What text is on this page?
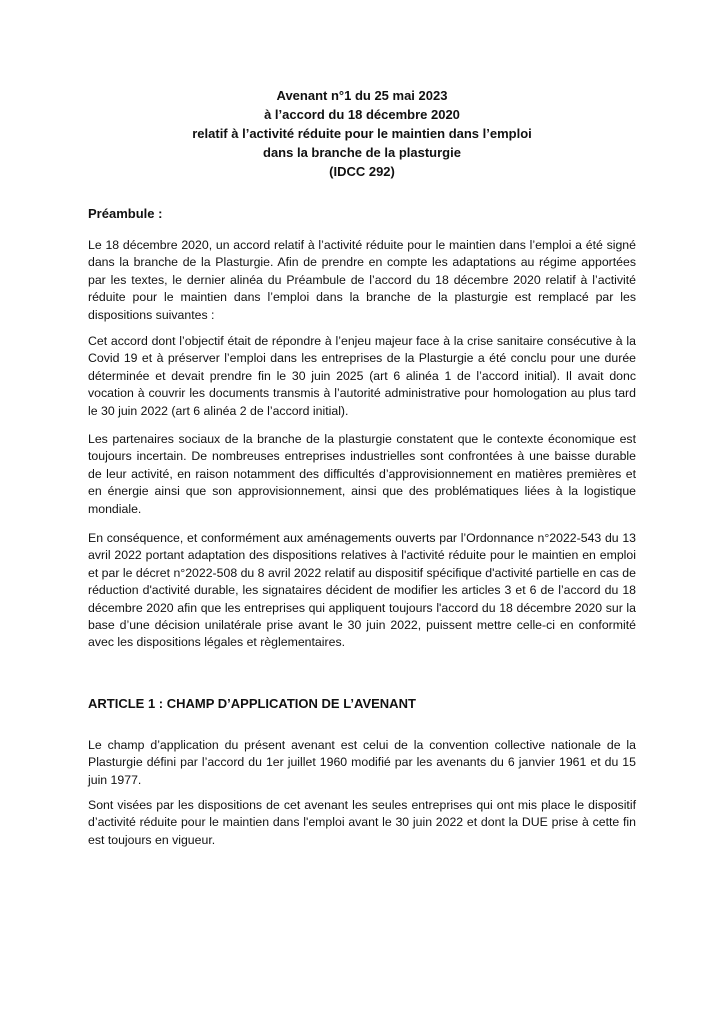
Avenant n°1 du 25 mai 2023
à l’accord du 18 décembre 2020
relatif à l’activité réduite pour le maintien dans l’emploi
dans la branche de la plasturgie
(IDCC 292)
Préambule :
Le 18 décembre 2020, un accord relatif à l’activité réduite pour le maintien dans l’emploi a été signé dans la branche de la Plasturgie. Afin de prendre en compte les adaptations au régime apportées par les textes, le dernier alinéa du Préambule de l’accord du 18 décembre 2020 relatif à l’activité réduite pour le maintien dans l’emploi dans la branche de la plasturgie est remplacé par les dispositions suivantes :
Cet accord dont l’objectif était de répondre à l’enjeu majeur face à la crise sanitaire consécutive à la Covid 19 et à préserver l’emploi dans les entreprises de la Plasturgie a été conclu pour une durée déterminée et devait prendre fin le 30 juin 2025 (art 6 alinéa 1 de l’accord initial). Il avait donc vocation à couvrir les documents transmis à l’autorité administrative pour homologation au plus tard le 30 juin 2022 (art 6 alinéa 2 de l’accord initial).
Les partenaires sociaux de la branche de la plasturgie constatent que le contexte économique est toujours incertain. De nombreuses entreprises industrielles sont confrontées à une baisse durable de leur activité, en raison notamment des difficultés d’approvisionnement en matières premières et en énergie ainsi que son approvisionnement, ainsi que des problématiques liées à la logistique mondiale.
En conséquence, et conformément aux aménagements ouverts par l’Ordonnance n°2022-543 du 13 avril 2022 portant adaptation des dispositions relatives à l'activité réduite pour le maintien en emploi et par le décret n°2022-508 du 8 avril 2022 relatif au dispositif spécifique d'activité partielle en cas de réduction d'activité durable, les signataires décident de modifier les articles 3 et 6 de l’accord du 18 décembre 2020 afin que les entreprises qui appliquent toujours l'accord du 18 décembre 2020 sur la base d’une décision unilatérale prise avant le 30 juin 2022, puissent mettre celle-ci en conformité avec les dispositions légales et règlementaires.
ARTICLE 1 : CHAMP D’APPLICATION DE L’AVENANT
Le champ d’application du présent avenant est celui de la convention collective nationale de la Plasturgie défini par l’accord du 1er juillet 1960 modifié par les avenants du 6 janvier 1961 et du 15 juin 1977.
Sont visées par les dispositions de cet avenant les seules entreprises qui ont mis place le dispositif d’activité réduite pour le maintien dans l'emploi avant le 30 juin 2022 et dont la DUE prise à cette fin est toujours en vigueur.
